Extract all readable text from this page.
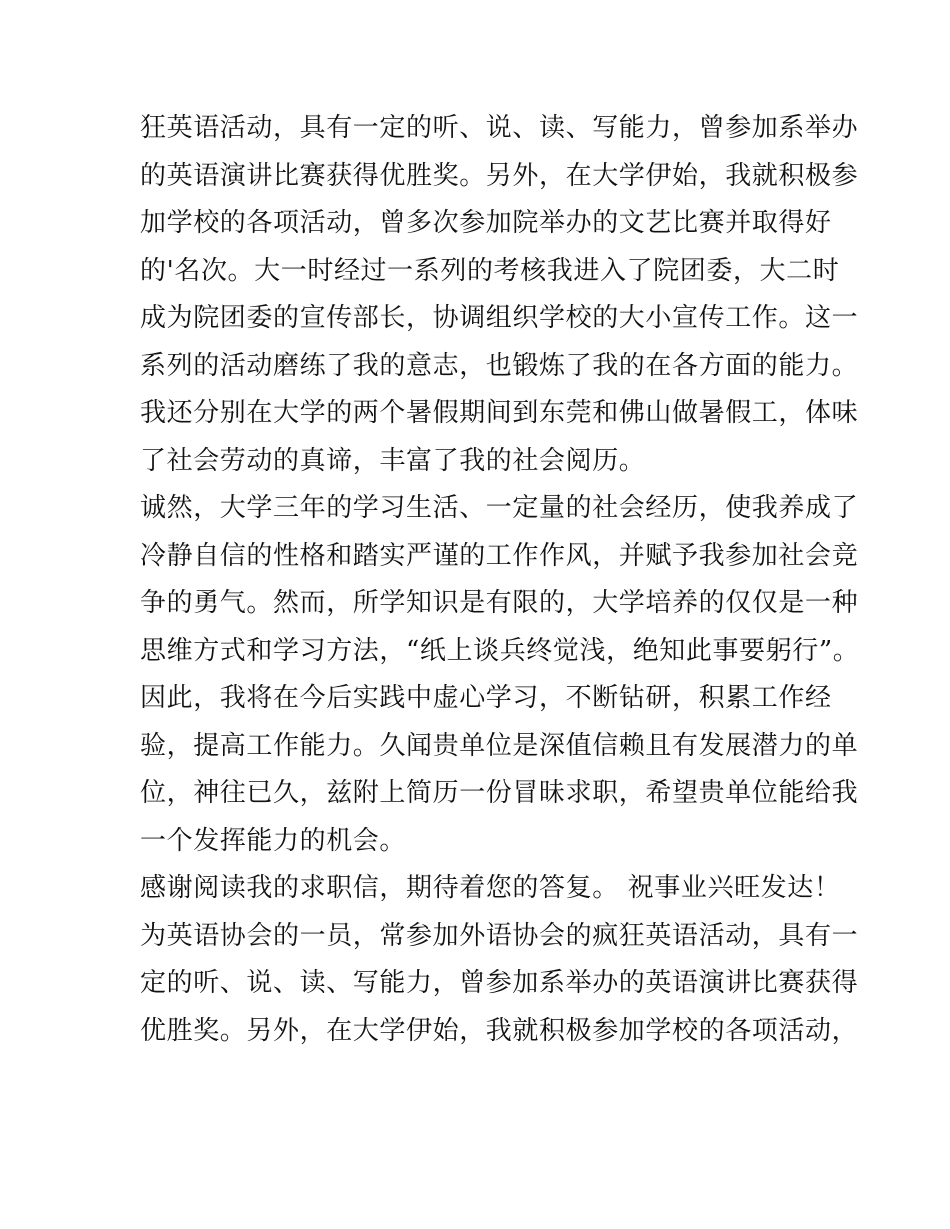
狂英语活动，具有一定的听、说、读、写能力，曾参加系举办
的英语演讲比赛获得优胜奖。另外，在大学伊始，我就积极参
加学校的各项活动，曾多次参加院举办的文艺比赛并取得好
的'名次。大一时经过一系列的考核我进入了院团委，大二时
成为院团委的宣传部长，协调组织学校的大小宣传工作。这一
系列的活动磨练了我的意志，也锻炼了我的在各方面的能力。
我还分别在大学的两个暑假期间到东莞和佛山做暑假工，体味
了社会劳动的真谛，丰富了我的社会阅历。
诚然，大学三年的学习生活、一定量的社会经历，使我养成了
冷静自信的性格和踏实严谨的工作作风，并赋予我参加社会竞
争的勇气。然而，所学知识是有限的，大学培养的仅仅是一种
思维方式和学习方法，“纸上谈兵终觉浅，绝知此事要躬行”。
因此，我将在今后实践中虚心学习，不断钻研，积累工作经
验，提高工作能力。久闻贵单位是深值信赖且有发展潜力的单
位，神往已久，兹附上简历一份冒昧求职，希望贵单位能给我
一个发挥能力的机会。
感谢阅读我的求职信，期待着您的答复。 祝事业兴旺发达！
为英语协会的一员，常参加外语协会的疯狂英语活动，具有一
定的听、说、读、写能力，曾参加系举办的英语演讲比赛获得
优胜奖。另外，在大学伊始，我就积极参加学校的各项活动，
